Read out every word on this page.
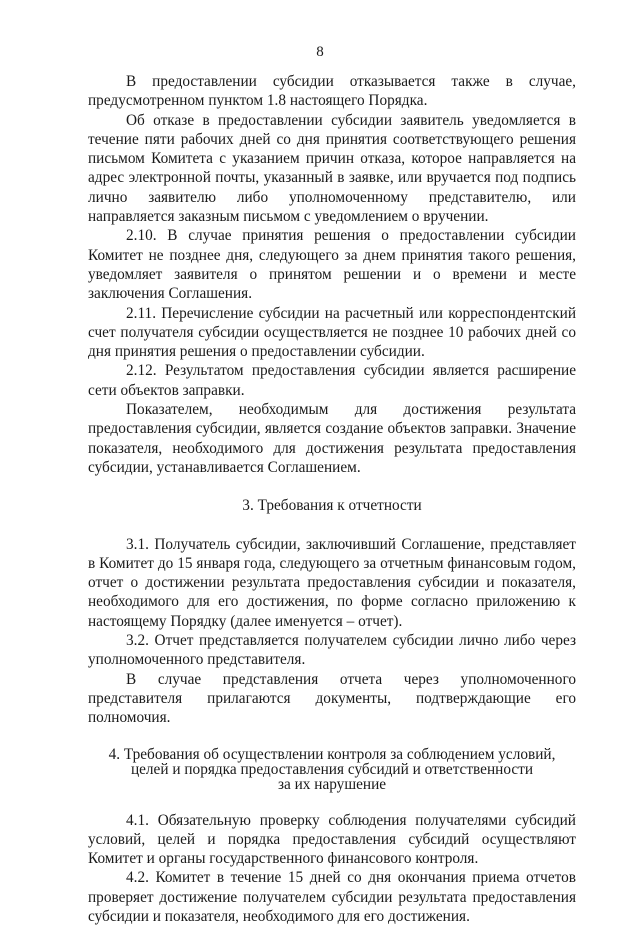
8

В предоставлении субсидии отказывается также в случае, предусмотренном пунктом 1.8 настоящего Порядка.

Об отказе в предоставлении субсидии заявитель уведомляется в течение пяти рабочих дней со дня принятия соответствующего решения письмом Комитета с указанием причин отказа, которое направляется на адрес электронной почты, указанный в заявке, или вручается под подпись лично заявителю либо уполномоченному представителю, или направляется заказным письмом с уведомлением о вручении.

2.10. В случае принятия решения о предоставлении субсидии Комитет не позднее дня, следующего за днем принятия такого решения, уведомляет заявителя о принятом решении и о времени и месте заключения Соглашения.

2.11. Перечисление субсидии на расчетный или корреспондентский счет получателя субсидии осуществляется не позднее 10 рабочих дней со дня принятия решения о предоставлении субсидии.

2.12. Результатом предоставления субсидии является расширение сети объектов заправки.

Показателем, необходимым для достижения результата предоставления субсидии, является создание объектов заправки. Значение показателя, необходимого для достижения результата предоставления субсидии, устанавливается Соглашением.

3. Требования к отчетности

3.1. Получатель субсидии, заключивший Соглашение, представляет в Комитет до 15 января года, следующего за отчетным финансовым годом, отчет о достижении результата предоставления субсидии и показателя, необходимого для его достижения, по форме согласно приложению к настоящему Порядку (далее именуется – отчет).

3.2. Отчет представляется получателем субсидии лично либо через уполномоченного представителя.

В случае представления отчета через уполномоченного представителя прилагаются документы, подтверждающие его полномочия.

4. Требования об осуществлении контроля за соблюдением условий,

целей и порядка предоставления субсидий и ответственности

за их нарушение

4.1. Обязательную проверку соблюдения получателями субсидий условий, целей и порядка предоставления субсидий осуществляют Комитет и органы государственного финансового контроля.

4.2. Комитет в течение 15 дней со дня окончания приема отчетов проверяет достижение получателем субсидии результата предоставления субсидии и показателя, необходимого для его достижения.
